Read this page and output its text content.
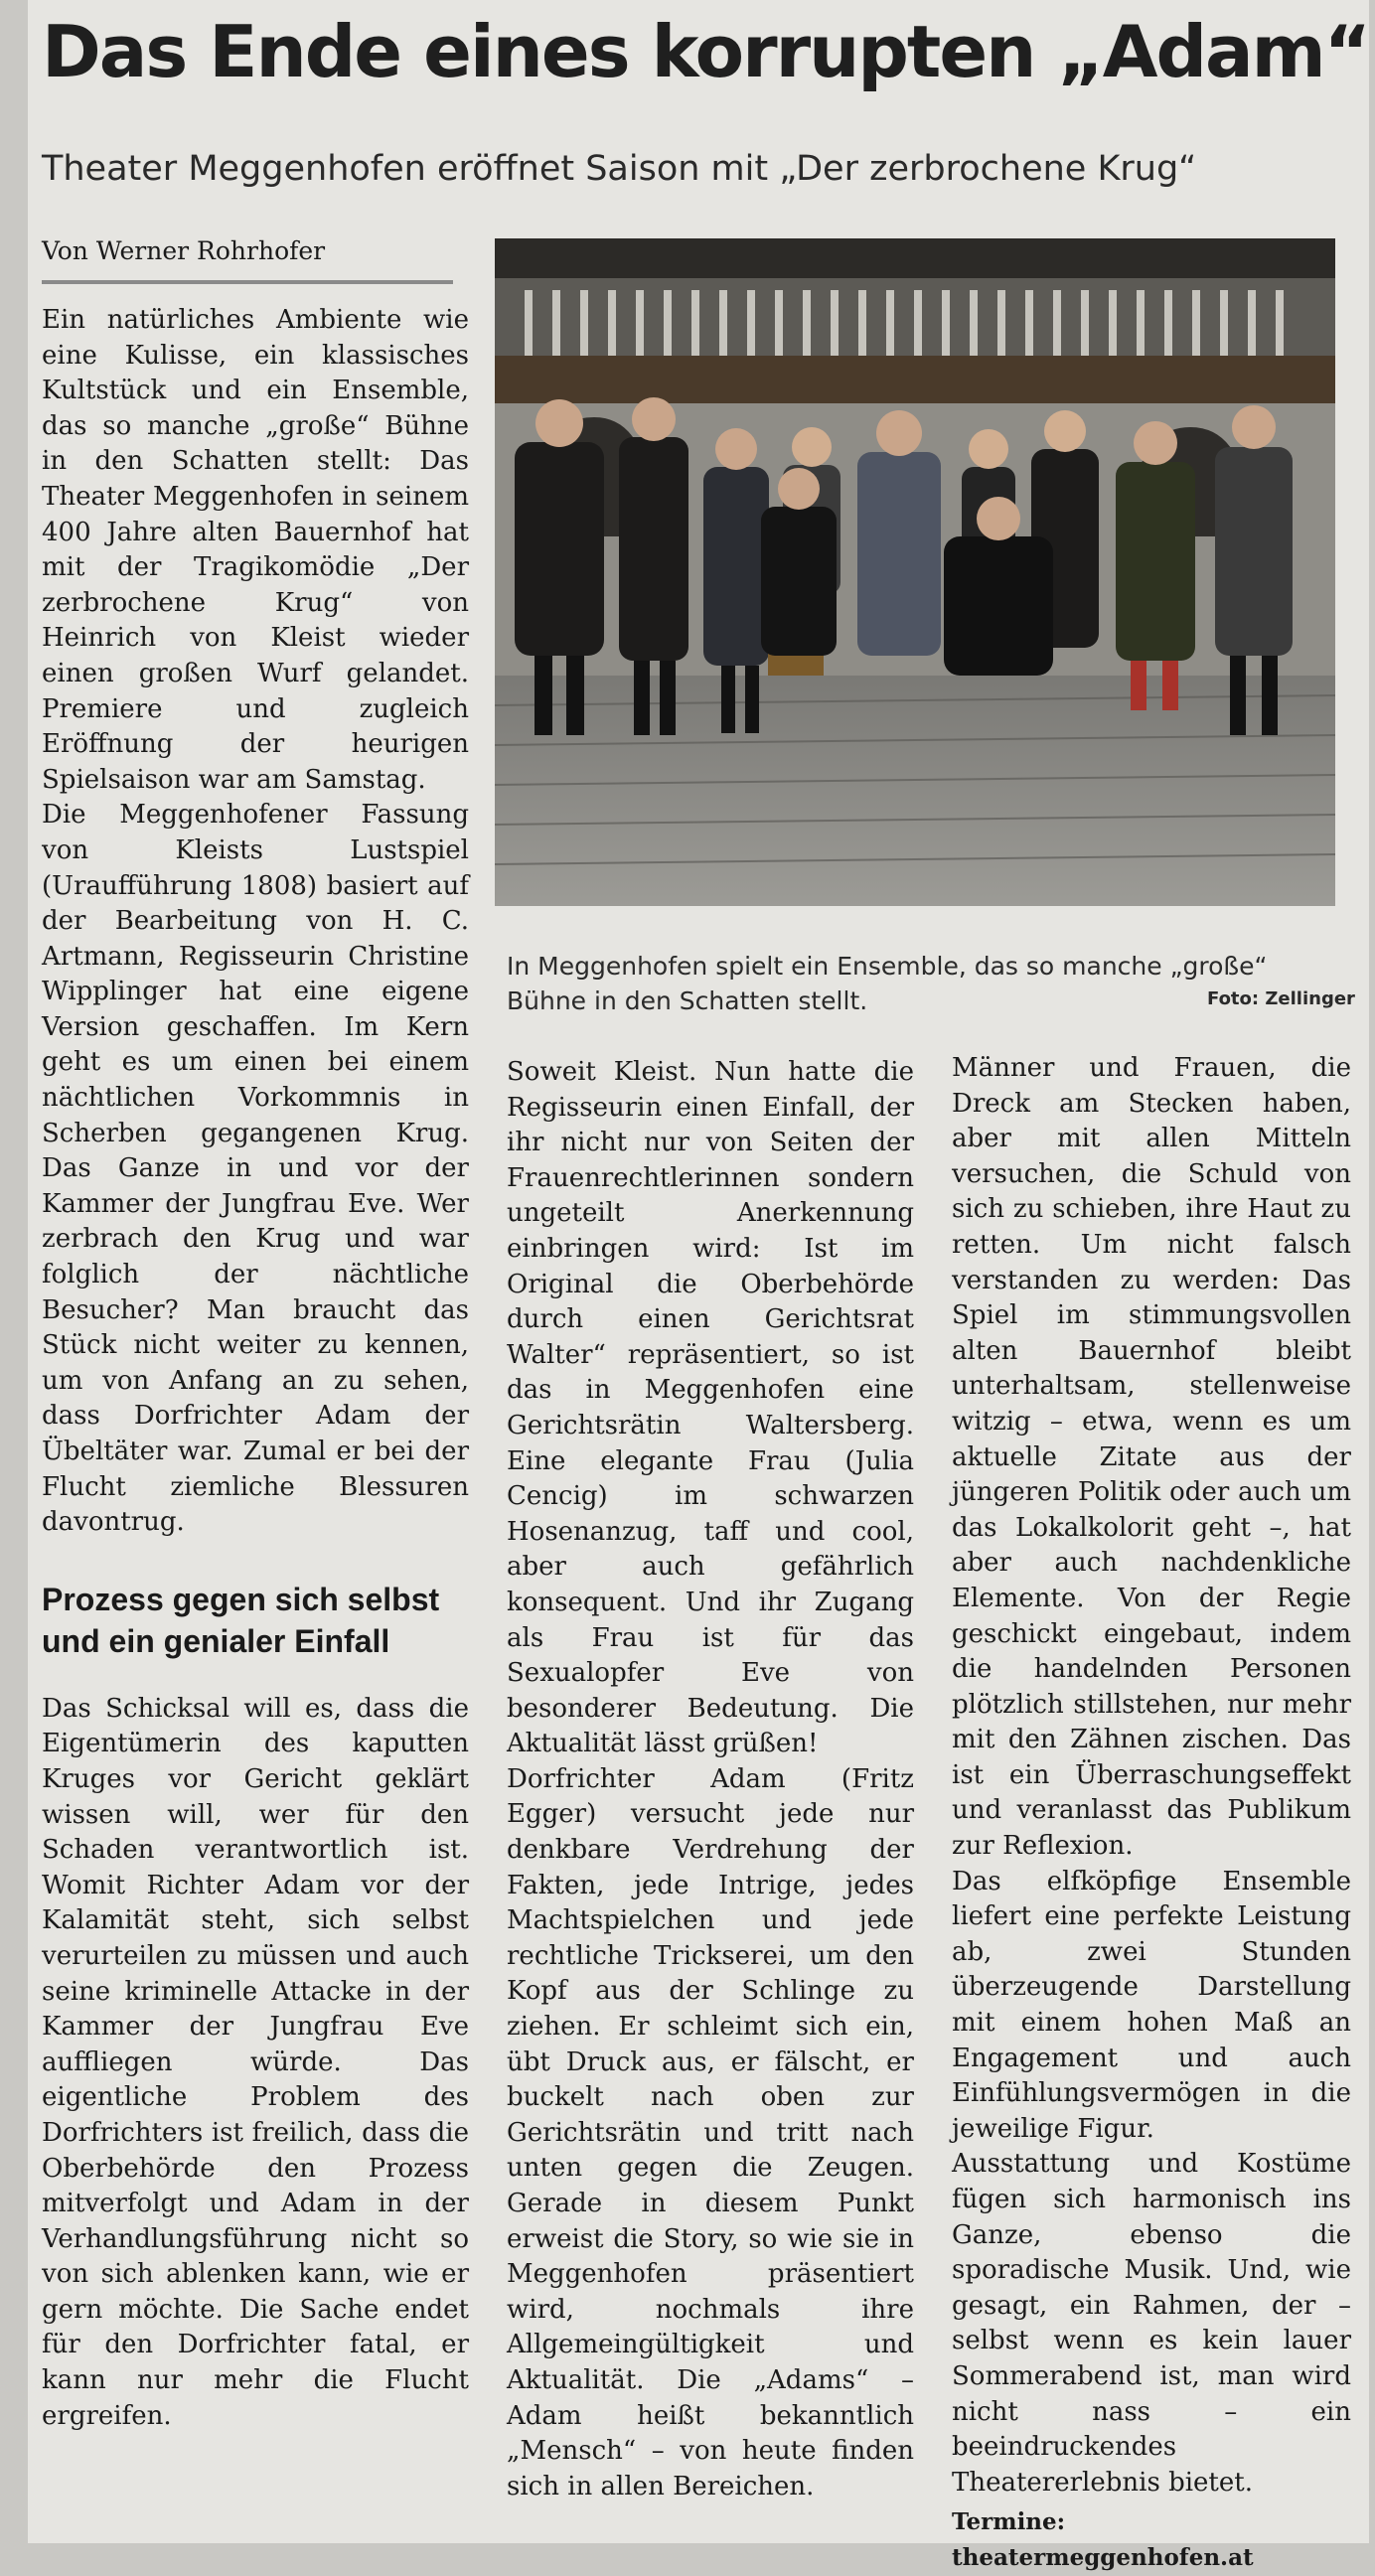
Das Ende eines korrupten „Adam“
Theater Meggenhofen eröffnet Saison mit „Der zerbrochene Krug“
Von Werner Rohrhofer

Ein natürliches Ambiente wie eine Kulisse, ein klassisches Kultstück und ein Ensemble, das so manche „große“ Bühne in den Schatten stellt: Das Theater Meggenhofen in seinem 400 Jahre alten Bauernhof hat mit der Tragikomödie „Der zerbrochene Krug“ von Heinrich von Kleist wieder einen großen Wurf gelandet. Premiere und zugleich Eröffnung der heurigen Spielsaison war am Samstag.

Die Meggenhofener Fassung von Kleists Lustspiel (Uraufführung 1808) basiert auf der Bearbeitung von H. C. Artmann, Regisseurin Christine Wipplinger hat eine eigene Version geschaffen. Im Kern geht es um einen bei einem nächtlichen Vorkommnis in Scherben gegangenen Krug. Das Ganze in und vor der Kammer der Jungfrau Eve. Wer zerbrach den Krug und war folglich der nächtliche Besucher? Man braucht das Stück nicht weiter zu kennen, um von Anfang an zu sehen, dass Dorfrichter Adam der Übeltäter war. Zumal er bei der Flucht ziemliche Blessuren davontrug.

Prozess gegen sich selbst und ein genialer Einfall

Das Schicksal will es, dass die Eigentümerin des kaputten Kruges vor Gericht geklärt wissen will, wer für den Schaden verantwortlich ist. Womit Richter Adam vor der Kalamität steht, sich selbst verurteilen zu müssen und auch seine kriminelle Attacke in der Kammer der Jungfrau Eve auffliegen würde. Das eigentliche Problem des Dorfrichters ist freilich, dass die Oberbehörde den Prozess mitverfolgt und Adam in der Verhandlungsführung nicht so von sich ablenken kann, wie er gern möchte. Die Sache endet für den Dorfrichter fatal, er kann nur mehr die Flucht ergreifen.

In Meggenhofen spielt ein Ensemble, das so manche „große“ Bühne in den Schatten stellt.	Foto: Zellinger

Soweit Kleist. Nun hatte die Regisseurin einen Einfall, der ihr nicht nur von Seiten der Frauenrechtlerinnen sondern ungeteilt Anerkennung einbringen wird: Ist im Original die Oberbehörde durch einen Gerichtsrat Walter“ repräsentiert, so ist das in Meggenhofen eine Gerichtsrätin Waltersberg. Eine elegante Frau (Julia Cencig) im schwarzen Hosenanzug, taff und cool, aber auch gefährlich konsequent. Und ihr Zugang als Frau ist für das Sexualopfer Eve von besonderer Bedeutung. Die Aktualität lässt grüßen!

Dorfrichter Adam (Fritz Egger) versucht jede nur denkbare Verdrehung der Fakten, jede Intrige, jedes Machtspielchen und jede rechtliche Trickserei, um den Kopf aus der Schlinge zu ziehen. Er schleimt sich ein, übt Druck aus, er fälscht, er buckelt nach oben zur Gerichtsrätin und tritt nach unten gegen die Zeugen. Gerade in diesem Punkt erweist die Story, so wie sie in Meggenhofen präsentiert wird, nochmals ihre Allgemeingültigkeit und Aktualität. Die „Adams“ – Adam heißt bekanntlich „Mensch“ – von heute finden sich in allen Bereichen.

Männer und Frauen, die Dreck am Stecken haben, aber mit allen Mitteln versuchen, die Schuld von sich zu schieben, ihre Haut zu retten. Um nicht falsch verstanden zu werden: Das Spiel im stimmungsvollen alten Bauernhof bleibt unterhaltsam, stellenweise witzig – etwa, wenn es um aktuelle Zitate aus der jüngeren Politik oder auch um das Lokalkolorit geht –, hat aber auch nachdenkliche Elemente. Von der Regie geschickt eingebaut, indem die handelnden Personen plötzlich stillstehen, nur mehr mit den Zähnen zischen. Das ist ein Überraschungseffekt und veranlasst das Publikum zur Reflexion.

Das elfköpfige Ensemble liefert eine perfekte Leistung ab, zwei Stunden überzeugende Darstellung mit einem hohen Maß an Engagement und auch Einfühlungsvermögen in die jeweilige Figur.

Ausstattung und Kostüme fügen sich harmonisch ins Ganze, ebenso die sporadische Musik. Und, wie gesagt, ein Rahmen, der – selbst wenn es kein lauer Sommerabend ist, man wird nicht nass – ein beeindruckendes Theatererlebnis bietet.

Termine: theatermeggenhofen.at
